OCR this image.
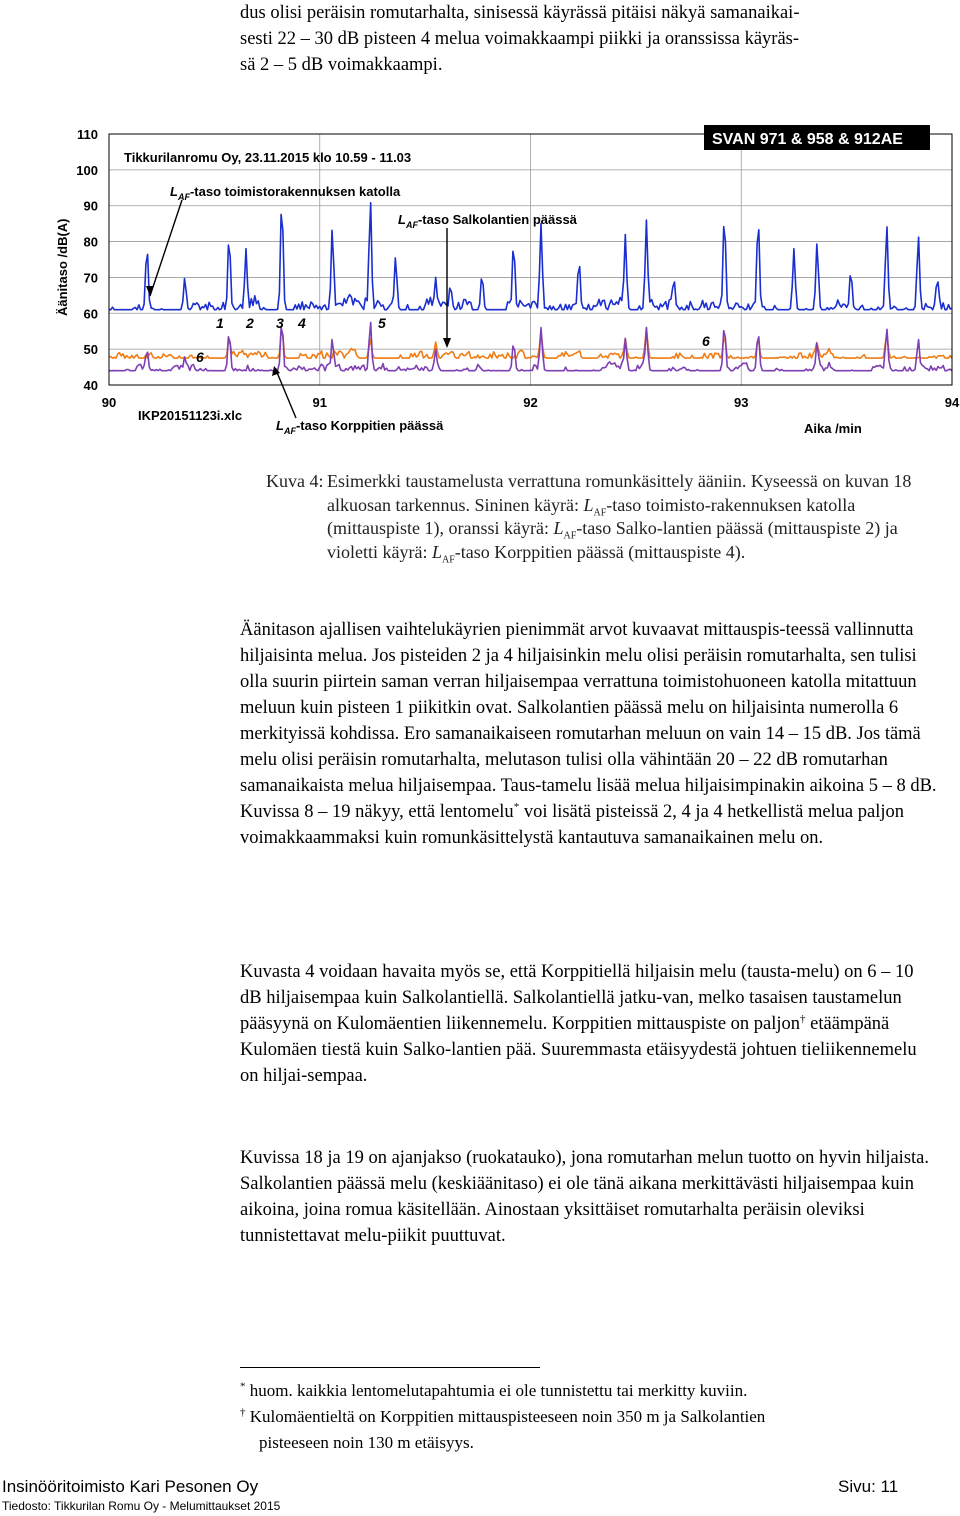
dus olisi peräisin romutarhalta, sinisessä käyrässä pitäisi näkyä samanaikai-

sesti 22 – 30 dB pisteen 4 melua voimakkaampi piikki ja oranssissa käyräs-

sä 2 – 5 dB voimakkaampi.

40
50
60
70
80
90
100
110
90	91	92	93	94
$L_{AF}$-taso toimistorakennuksen katolla
$L_{AF}$-taso Salkolantien päässä
$L_{AF}$-taso Korppitien päässä
1 2 3 4	5
6
6
SVAN 971 & 958 & 912AE
Tikkurilanromu Oy, 23.11.2015 klo 10.59 - 11.03
Äänitaso /dB(A)
IKP20151123i.xlc
Aika /min
Kuva 4: Esimerkki taustamelusta verrattuna romunkäsittely ääniin. Kyseessä on kuvan 18 alkuosan tarkennus. Sininen käyrä: $L_{AF}$-taso toimisto-rakennuksen katolla (mittauspiste 1), oranssi käyrä: $L_{AF}$-taso Salko-lantien päässä (mittauspiste 2) ja violetti käyrä: $L_{AF}$-taso Korppitien päässä (mittauspiste 4).

Äänitason ajallisen vaihtelukäyrien pienimmät arvot kuvaavat mittauspis-teessä vallinnutta hiljaisinta melua. Jos pisteiden 2 ja 4 hiljaisinkin melu olisi peräisin romutarhalta, sen tulisi olla suurin piirtein saman verran hiljaisempaa verrattuna toimistohuoneen katolla mitattuun meluun kuin pisteen 1 piikitkin ovat. Salkolantien päässä melu on hiljaisinta numerolla 6 merkityissä kohdissa. Ero samanaikaiseen romutarhan meluun on vain 14 – 15 dB. Jos tämä melu olisi peräisin romutarhalta, melutason tulisi olla vähintään 20 – 22 dB romutarhan samanaikaista melua hiljaisempaa. Taus-tamelu lisää melua hiljaisimpinakin aikoina 5 – 8 dB. Kuvissa 8 – 19 näkyy, että lentomelu* voi lisätä pisteissä 2, 4 ja 4 hetkellistä melua paljon voimakkaammaksi kuin romunkäsittelystä kantautuva samanaikainen melu on.

Kuvasta 4 voidaan havaita myös se, että Korppitiellä hiljaisin melu (tausta-melu) on 6 – 10 dB hiljaisempaa kuin Salkolantiellä. Salkolantiellä jatku-van, melko tasaisen taustamelun pääsyynä on Kulomäentien liikennemelu. Korppitien mittauspiste on paljon† etäämpänä Kulomäen tiestä kuin Salko-lantien pää. Suuremmasta etäisyydestä johtuen tieliikennemelu on hiljai-sempaa.

Kuvissa 18 ja 19 on ajanjakso (ruokatauko), jona romutarhan melun tuotto on hyvin hiljaista. Salkolantien päässä melu (keskiäänitaso) ei ole tänä aikana merkittävästi hiljaisempaa kuin aikoina, joina romua käsitellään. Ainostaan yksittäiset romutarhalta peräisin oleviksi tunnistettavat melu-piikit puuttuvat.

* huom. kaikkia lentomelutapahtumia ei ole tunnistettu tai merkitty kuviin.

† Kulomäentieltä on Korppitien mittauspisteeseen noin 350 m ja Salkolantien

pisteeseen noin 130 m etäisyys.

Insinööritoimisto Kari Pesonen Oy
Tiedosto: Tikkurilan Romu Oy - Melumittaukset 2015
Sivu: 11
